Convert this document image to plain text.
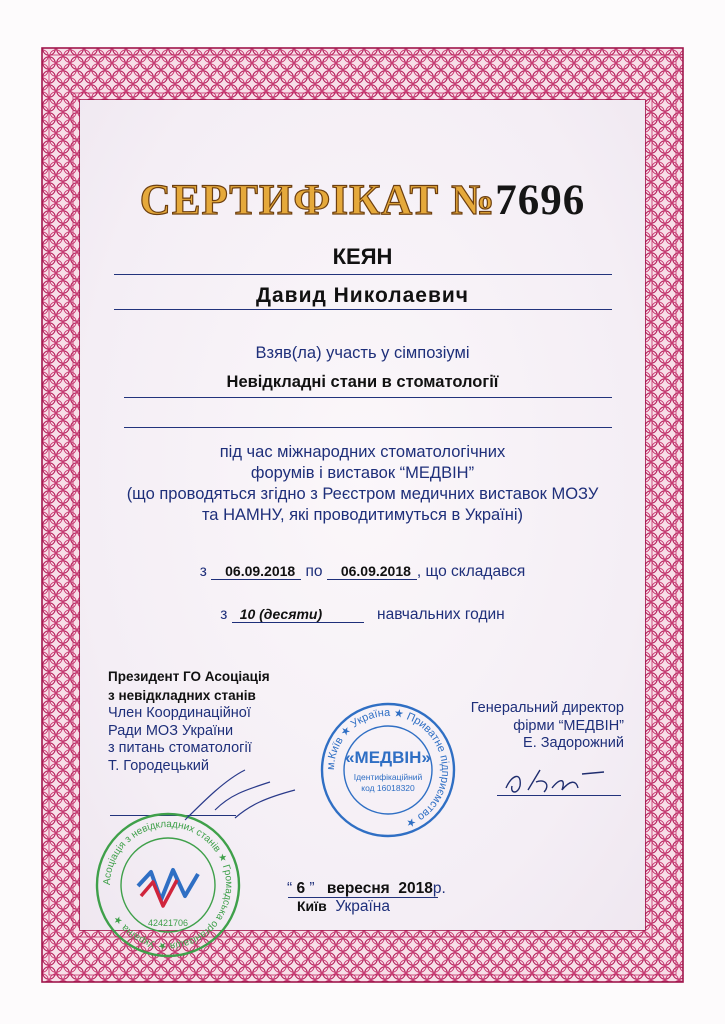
СЕРТИФІКАТ №7696
КЕЯН
Давид Николаевич
Взяв(ла) участь у сімпозіумі
Невідкладні стани в стоматології
під час міжнародних стоматологічних
форумів і виставок “МЕДВІН”
(що проводяться згідно з Реєстром медичних виставок МОЗУ
та НАМНУ, які проводитимуться в Україні)
з 06.09.2018 по 06.09.2018 , що складався
з 10 (десяти)	навчальних годин
Президент ГО Асоціація
з невідкладних станів
Член Координаційної
Ради МОЗ України
з питань стоматології
Т. Городецький
Генеральний директор
фірми “МЕДВІН”
Е. Задорожний
м.Київ ★ Україна ★ Приватне підприємство ★
«МЕДВІН»
Ідентифікаційний
код 16018320
Асоціація з невідкладних станів ★ Громадська організація ★ Україна ★	42421706
“ 6 ” вересня 2018р.
Київ Україна
